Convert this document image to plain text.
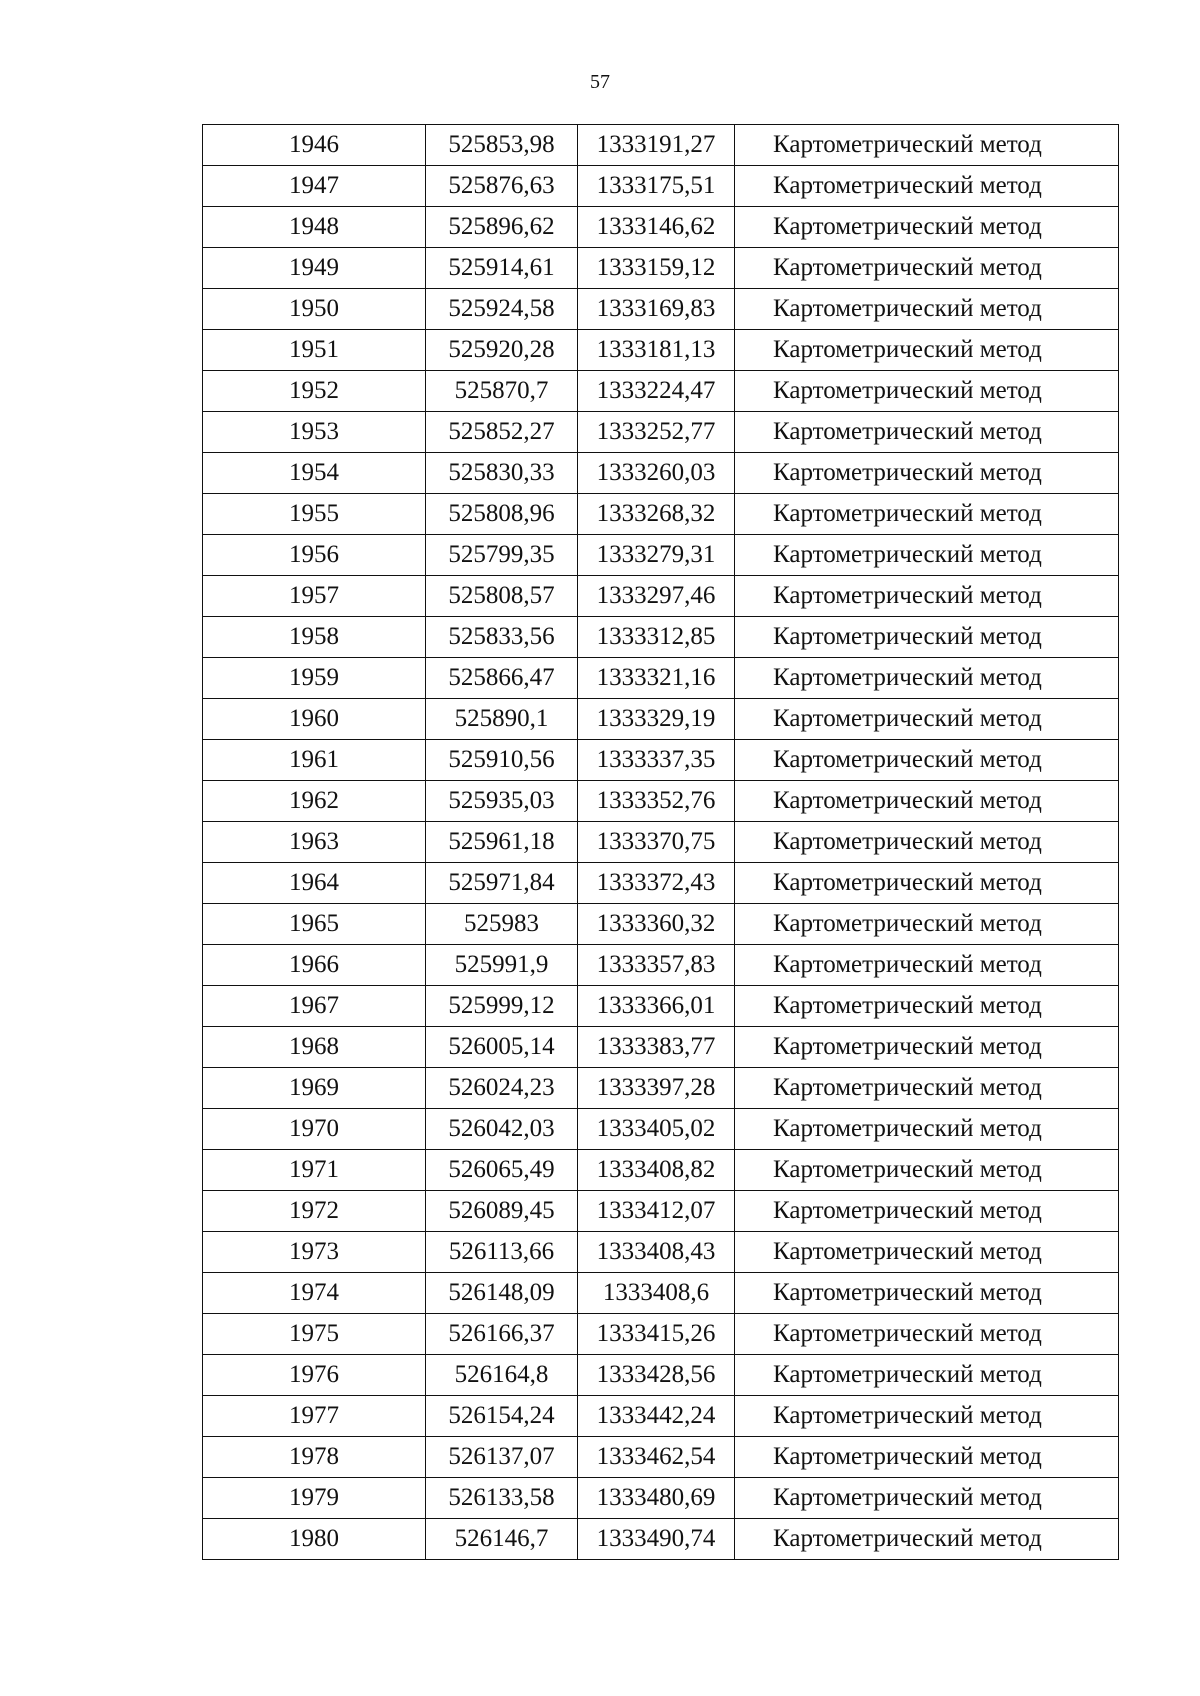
57
1946	525853,98	1333191,27	Картометрический метод
1947	525876,63	1333175,51	Картометрический метод
1948	525896,62	1333146,62	Картометрический метод
1949	525914,61	1333159,12	Картометрический метод
1950	525924,58	1333169,83	Картометрический метод
1951	525920,28	1333181,13	Картометрический метод
1952	525870,7	1333224,47	Картометрический метод
1953	525852,27	1333252,77	Картометрический метод
1954	525830,33	1333260,03	Картометрический метод
1955	525808,96	1333268,32	Картометрический метод
1956	525799,35	1333279,31	Картометрический метод
1957	525808,57	1333297,46	Картометрический метод
1958	525833,56	1333312,85	Картометрический метод
1959	525866,47	1333321,16	Картометрический метод
1960	525890,1	1333329,19	Картометрический метод
1961	525910,56	1333337,35	Картометрический метод
1962	525935,03	1333352,76	Картометрический метод
1963	525961,18	1333370,75	Картометрический метод
1964	525971,84	1333372,43	Картометрический метод
1965	525983	1333360,32	Картометрический метод
1966	525991,9	1333357,83	Картометрический метод
1967	525999,12	1333366,01	Картометрический метод
1968	526005,14	1333383,77	Картометрический метод
1969	526024,23	1333397,28	Картометрический метод
1970	526042,03	1333405,02	Картометрический метод
1971	526065,49	1333408,82	Картометрический метод
1972	526089,45	1333412,07	Картометрический метод
1973	526113,66	1333408,43	Картометрический метод
1974	526148,09	1333408,6	Картометрический метод
1975	526166,37	1333415,26	Картометрический метод
1976	526164,8	1333428,56	Картометрический метод
1977	526154,24	1333442,24	Картометрический метод
1978	526137,07	1333462,54	Картометрический метод
1979	526133,58	1333480,69	Картометрический метод
1980	526146,7	1333490,74	Картометрический метод
